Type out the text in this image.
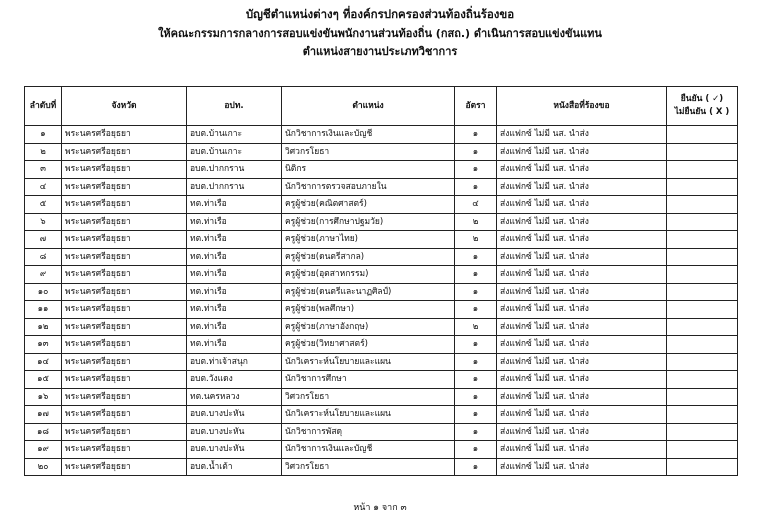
บัญชีตำแหน่งต่างๆ ที่องค์กรปกครองส่วนท้องถิ่นร้องขอ
ให้คณะกรรมการกลางการสอบแข่งขันพนักงานส่วนท้องถิ่น (กสถ.) ดำเนินการสอบแข่งขันแทน
ตำแหน่งสายงานประเภทวิชาการ
ลำดับที่	จังหวัด	อปท.	ตำแหน่ง	อัตรา	หนังสือที่ร้องขอ	ยืนยัน ( ✓)
ไม่ยืนยัน ( X )

๑	พระนครศรีอยุธยา	อบต.บ้านเกาะ	นักวิชาการเงินและบัญชี	๑	ส่งแฟกซ์ ไม่มี นส. นำส่ง	
๒	พระนครศรีอยุธยา	อบต.บ้านเกาะ	วิศวกรโยธา	๑	ส่งแฟกซ์ ไม่มี นส. นำส่ง	
๓	พระนครศรีอยุธยา	อบต.ปากกราน	นิติกร	๑	ส่งแฟกซ์ ไม่มี นส. นำส่ง	
๔	พระนครศรีอยุธยา	อบต.ปากกราน	นักวิชาการตรวจสอบภายใน	๑	ส่งแฟกซ์ ไม่มี นส. นำส่ง	
๕	พระนครศรีอยุธยา	ทต.ท่าเรือ	ครูผู้ช่วย(คณิตศาสตร์)	๔	ส่งแฟกซ์ ไม่มี นส. นำส่ง	
๖	พระนครศรีอยุธยา	ทต.ท่าเรือ	ครูผู้ช่วย(การศึกษาปฐมวัย)	๒	ส่งแฟกซ์ ไม่มี นส. นำส่ง	
๗	พระนครศรีอยุธยา	ทต.ท่าเรือ	ครูผู้ช่วย(ภาษาไทย)	๒	ส่งแฟกซ์ ไม่มี นส. นำส่ง	
๘	พระนครศรีอยุธยา	ทต.ท่าเรือ	ครูผู้ช่วย(ดนตรีสากล)	๑	ส่งแฟกซ์ ไม่มี นส. นำส่ง	
๙	พระนครศรีอยุธยา	ทต.ท่าเรือ	ครูผู้ช่วย(อุตสาหกรรม)	๑	ส่งแฟกซ์ ไม่มี นส. นำส่ง	
๑๐	พระนครศรีอยุธยา	ทต.ท่าเรือ	ครูผู้ช่วย(ดนตรีและนาฏศิลป์)	๑	ส่งแฟกซ์ ไม่มี นส. นำส่ง	
๑๑	พระนครศรีอยุธยา	ทต.ท่าเรือ	ครูผู้ช่วย(พลศึกษา)	๑	ส่งแฟกซ์ ไม่มี นส. นำส่ง	
๑๒	พระนครศรีอยุธยา	ทต.ท่าเรือ	ครูผู้ช่วย(ภาษาอังกฤษ)	๒	ส่งแฟกซ์ ไม่มี นส. นำส่ง	
๑๓	พระนครศรีอยุธยา	ทต.ท่าเรือ	ครูผู้ช่วย(วิทยาศาสตร์)	๑	ส่งแฟกซ์ ไม่มี นส. นำส่ง	
๑๔	พระนครศรีอยุธยา	อบต.ท่าเจ้าสนุก	นักวิเคราะห์นโยบายและแผน	๑	ส่งแฟกซ์ ไม่มี นส. นำส่ง	
๑๕	พระนครศรีอยุธยา	อบต.วังแดง	นักวิชาการศึกษา	๑	ส่งแฟกซ์ ไม่มี นส. นำส่ง	
๑๖	พระนครศรีอยุธยา	ทต.นครหลวง	วิศวกรโยธา	๑	ส่งแฟกซ์ ไม่มี นส. นำส่ง	
๑๗	พระนครศรีอยุธยา	อบต.บางปะหัน	นักวิเคราะห์นโยบายและแผน	๑	ส่งแฟกซ์ ไม่มี นส. นำส่ง	
๑๘	พระนครศรีอยุธยา	อบต.บางปะหัน	นักวิชาการพัสดุ	๑	ส่งแฟกซ์ ไม่มี นส. นำส่ง	
๑๙	พระนครศรีอยุธยา	อบต.บางปะหัน	นักวิชาการเงินและบัญชี	๑	ส่งแฟกซ์ ไม่มี นส. นำส่ง	
๒๐	พระนครศรีอยุธยา	อบต.น้ำเต้า	วิศวกรโยธา	๑	ส่งแฟกซ์ ไม่มี นส. นำส่ง	
หน้า ๑ จาก ๓
